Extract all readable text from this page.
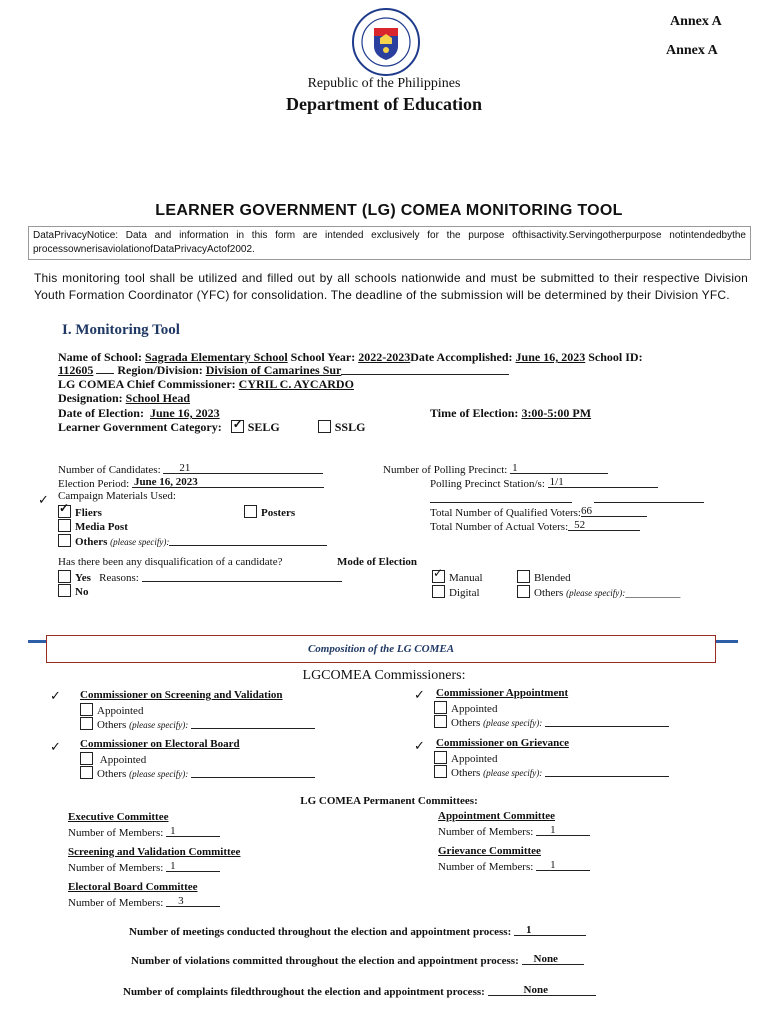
Annex A
Annex A
Republic of the Philippines
Department of Education
LEARNER GOVERNMENT (LG) COMEA MONITORING TOOL
DataPrivacyNotice: Data and information in this form are intended exclusively for the purpose ofthisactivity.Servingotherpurpose notintendedbythe processownerisaviolationofDataPrivacyActof2002.
This monitoring tool shall be utilized and filled out by all schools nationwide and must be submitted to their respective Division Youth Formation Coordinator (YFC) for consolidation. The deadline of the submission will be determined by their Division YFC.
I. Monitoring Tool
Name of School: Sagrada Elementary School School Year: 2022-2023Date Accomplished: June 16, 2023 School ID:
112605 Region/Division: Division of Camarines Sur
LG COMEA Chief Commissioner: CYRIL C. AYCARDO
Designation: School Head
Date of Election: June 16, 2023	Time of Election: 3:00-5:00 PM
Learner Government Category: ✓ SELG	SSLG
Number of Candidates: 21	Number of Polling Precinct: 1
Election Period: June 16, 2023	Polling Precinct Station/s: 1/1
✓ Campaign Materials Used:
✓ Fliers	Posters
Media Post
Others (please specify):
Total Number of Qualified Voters: 66
Total Number of Actual Voters: 52
Has there been any disqualification of a candidate?	Mode of Election
Yes Reasons:
No
✓ Manual	Blended
Digital	Others (please specify):__________
Composition of the LG COMEA
LGCOMEA Commissioners:
✓ Commissioner on Screening and Validation
Appointed
Others (please specify):
✓ Commissioner Appointment
Appointed
Others (please specify):
✓ Commissioner on Electoral Board
Appointed
Others (please specify):
✓ Commissioner on Grievance
Appointed
Others (please specify):
LG COMEA Permanent Committees:
Executive Committee
Number of Members: 1
Appointment Committee
Number of Members: 1
Screening and Validation Committee
Number of Members: 1
Grievance Committee
Number of Members: 1
Electoral Board Committee
Number of Members: 3
Number of meetings conducted throughout the election and appointment process: 1
Number of violations committed throughout the election and appointment process: None
Number of complaints filedthroughout the election and appointment process:	None
